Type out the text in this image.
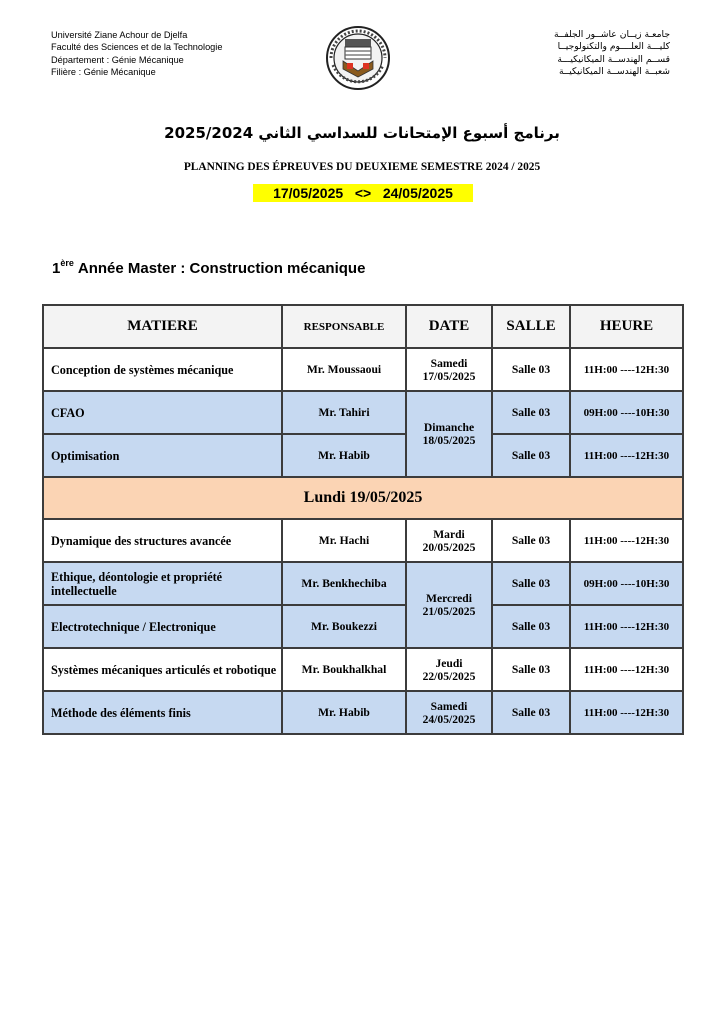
Université Ziane Achour de Djelfa
Faculté des Sciences et de la Technologie
Département : Génie Mécanique
Filière : Génie Mécanique
جامعـة زيــان عاشــور الجلفــة
كليـــة العلــــوم والتكنولوجيــا
قســم الهندســة الميكانيكيـــة
شعبــة الهندســة الميكانيكيــة
برنامج أسبوع الإمتحانات للسداسي الثاني 2025/2024
PLANNING DES ÉPREUVES DU DEUXIEME SEMESTRE 2024 / 2025
17/05/2025   <>   24/05/2025
1ère Année Master : Construction mécanique
MATIERE	RESPONSABLE	DATE	SALLE	HEURE
Conception de systèmes mécanique	Mr. Moussaoui	Samedi 17/05/2025	Salle 03	11H:00 ----12H:30
CFAO	Mr. Tahiri	Dimanche 18/05/2025	Salle 03	09H:00 ----10H:30
Optimisation	Mr. Habib		Salle 03	11H:00 ----12H:30
Lundi 19/05/2025				
Dynamique des structures avancée	Mr. Hachi	Mardi 20/05/2025	Salle 03	11H:00 ----12H:30
Ethique, déontologie et propriété intellectuelle	Mr. Benkhechiba	Mercredi 21/05/2025	Salle 03	09H:00 ----10H:30
Electrotechnique / Electronique	Mr. Boukezzi		Salle 03	11H:00 ----12H:30
Systèmes mécaniques articulés et robotique	Mr. Boukhalkhal	Jeudi 22/05/2025	Salle 03	11H:00 ----12H:30
Méthode des éléments finis	Mr. Habib	Samedi 24/05/2025	Salle 03	11H:00 ----12H:30
